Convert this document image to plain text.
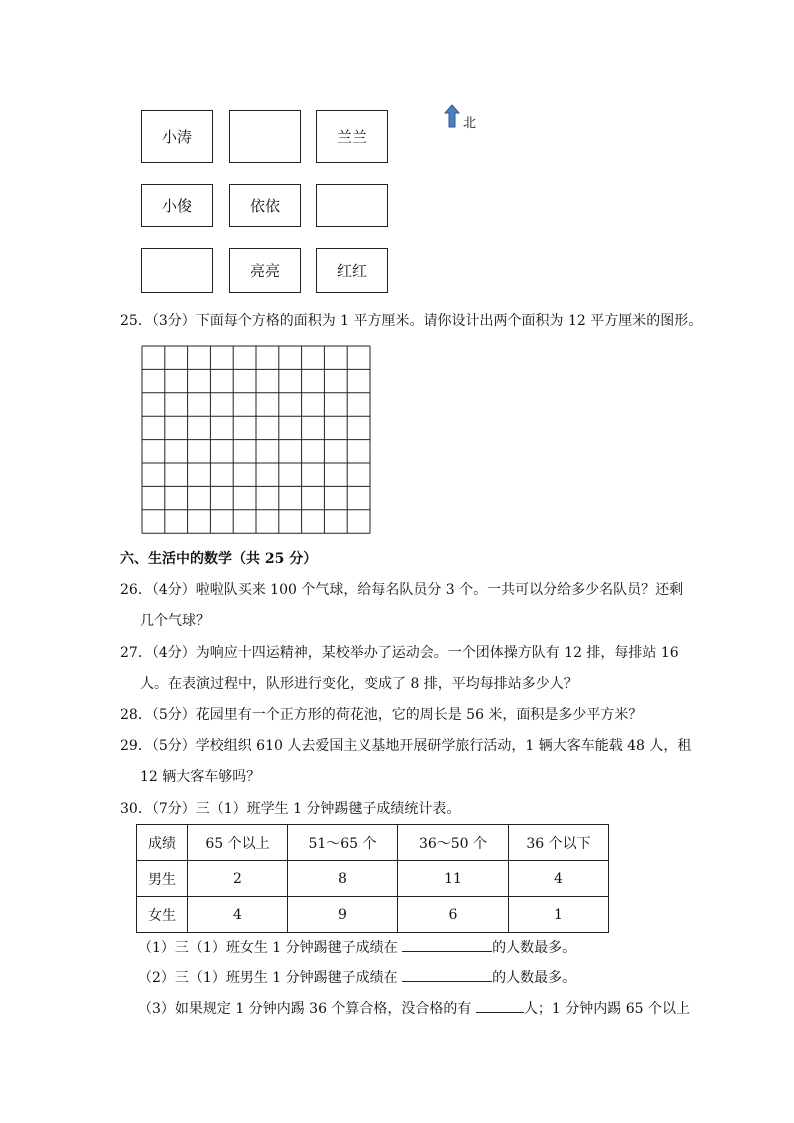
小涛	兰兰
小俊	依依
亮亮	红红
北
25．（3分）下面每个方格的面积为 1 平方厘米。请你设计出两个面积为 12 平方厘米的图形。
六、生活中的数学（共 25 分）
26．（4分）啦啦队买来 100 个气球，给每名队员分 3 个。一共可以分给多少名队员？还剩
几个气球？
27．（4分）为响应十四运精神，某校举办了运动会。一个团体操方队有 12 排，每排站 16
人。在表演过程中，队形进行变化，变成了 8 排，平均每排站多少人？
28．（5分）花园里有一个正方形的荷花池，它的周长是 56 米，面积是多少平方米？
29．（5分）学校组织 610 人去爱国主义基地开展研学旅行活动，1 辆大客车能载 48 人，租
12 辆大客车够吗？
30．（7分）三（1）班学生 1 分钟踢毽子成绩统计表。
成绩	65 个以上	51～65 个	36～50 个	36 个以下
男生	2	8	11	4
女生	4	9	6	1
（1）三（1）班女生 1 分钟踢毽子成绩在	的人数最多。
（2）三（1）班男生 1 分钟踢毽子成绩在	的人数最多。
（3）如果规定 1 分钟内踢 36 个算合格，没合格的有	人；1 分钟内踢 65 个以上
